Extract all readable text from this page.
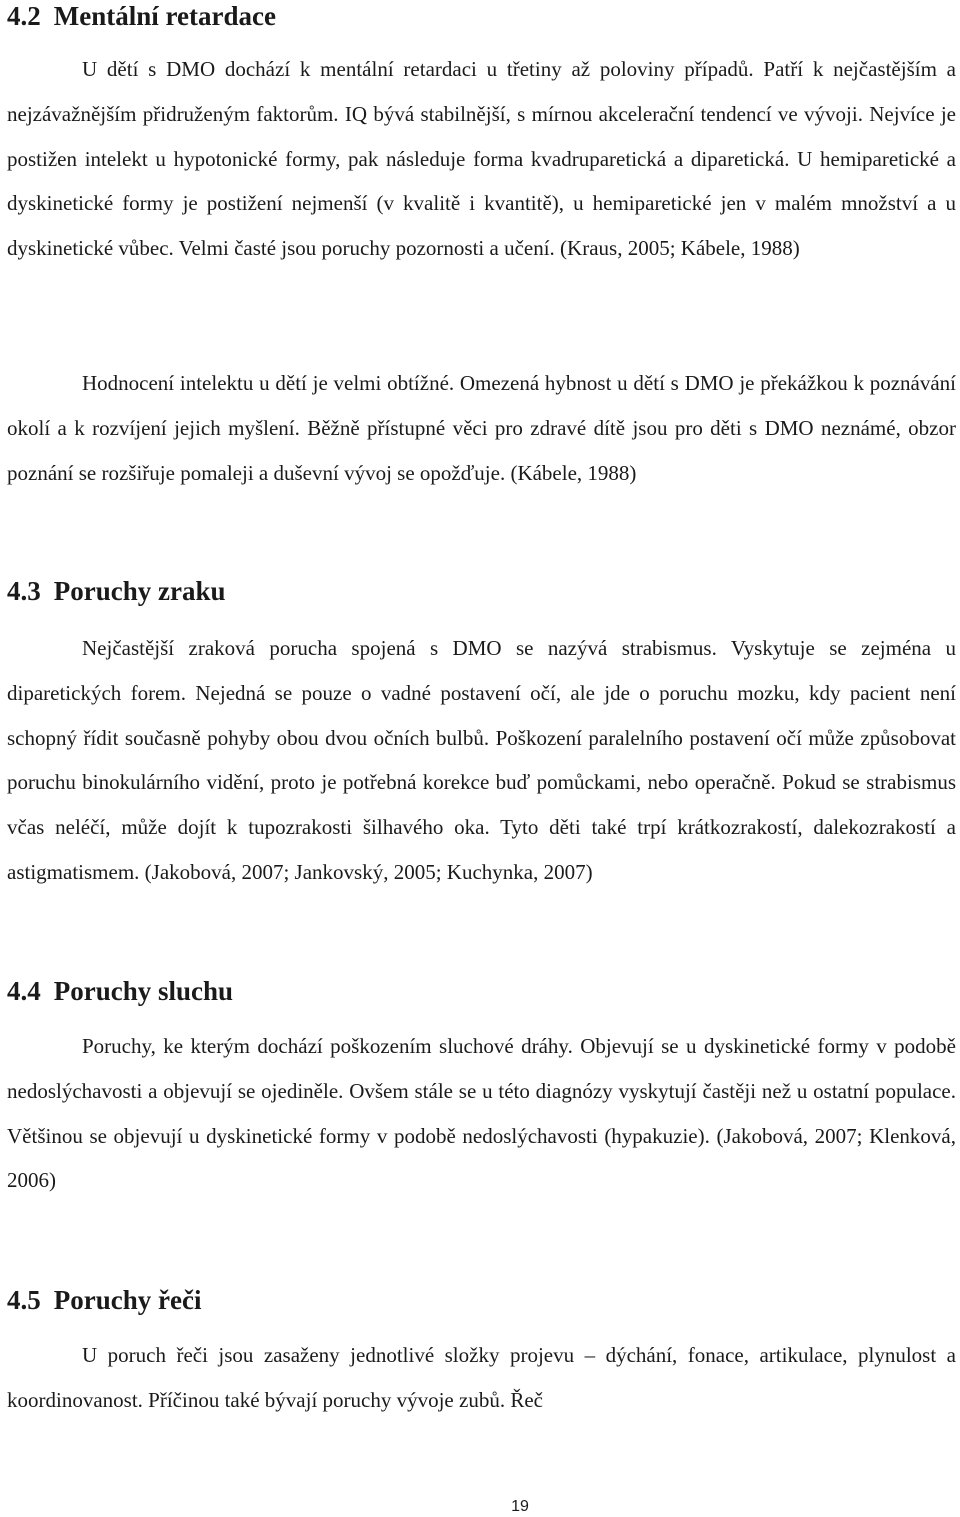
4.2 Mentální retardace

U dětí s DMO dochází k mentální retardaci u třetiny až poloviny případů. Patří k nejčastějším a nejzávažnějším přidruženým faktorům. IQ bývá stabilnější, s mírnou akcelerační tendencí ve vývoji. Nejvíce je postižen intelekt u hypotonické formy, pak následuje forma kvadruparetická a diparetická. U hemiparetické a dyskinetické formy je postižení nejmenší (v kvalitě i kvantitě), u hemiparetické jen v malém množství a u dyskinetické vůbec. Velmi časté jsou poruchy pozornosti a učení. (Kraus, 2005; Kábele, 1988)

Hodnocení intelektu u dětí je velmi obtížné. Omezená hybnost u dětí s DMO je překážkou k poznávání okolí a k rozvíjení jejich myšlení. Běžně přístupné věci pro zdravé dítě jsou pro děti s DMO neznámé, obzor poznání se rozšiřuje pomaleji a duševní vývoj se opožďuje. (Kábele, 1988)

4.3 Poruchy zraku

Nejčastější zraková porucha spojená s DMO se nazývá strabismus. Vyskytuje se zejména u diparetických forem. Nejedná se pouze o vadné postavení očí, ale jde o poruchu mozku, kdy pacient není schopný řídit současně pohyby obou dvou očních bulbů. Poškození paralelního postavení očí může způsobovat poruchu binokulárního vidění, proto je potřebná korekce buď pomůckami, nebo operačně. Pokud se strabismus včas neléčí, může dojít k tupozrakosti šilhavého oka. Tyto děti také trpí krátkozrakostí, dalekozrakostí a astigmatismem. (Jakobová, 2007; Jankovský, 2005; Kuchynka, 2007)

4.4 Poruchy sluchu

Poruchy, ke kterým dochází poškozením sluchové dráhy. Objevují se u dyskinetické formy v podobě nedoslýchavosti a objevují se ojediněle. Ovšem stále se u této diagnózy vyskytují častěji než u ostatní populace. Většinou se objevují u dyskinetické formy v podobě nedoslýchavosti (hypakuzie). (Jakobová, 2007; Klenková, 2006)

4.5 Poruchy řeči

U poruch řeči jsou zasaženy jednotlivé složky projevu – dýchání, fonace, artikulace, plynulost a koordinovanost. Příčinou také bývají poruchy vývoje zubů. Řeč

19
